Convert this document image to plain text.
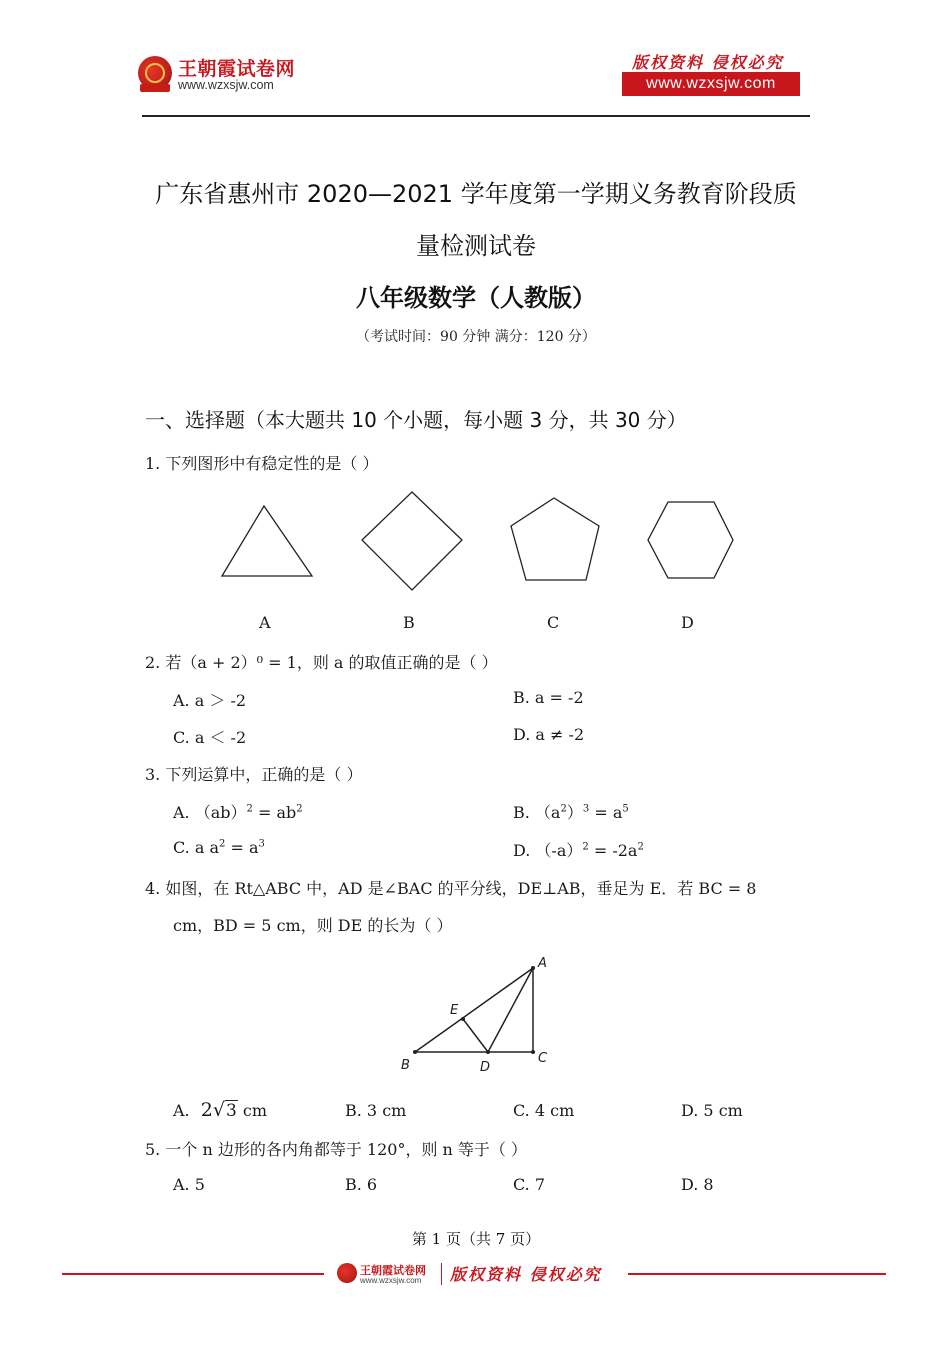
王朝霞试卷网
www.wzxsjw.com
版权资料 侵权必究
www.wzxsjw.com
广东省惠州市 2020—2021 学年度第一学期义务教育阶段质
量检测试卷
八年级数学（人教版）
（考试时间：90 分钟 满分：120 分）
一、选择题（本大题共 10 个小题，每小题 3 分，共 30 分）
1. 下列图形中有稳定性的是（ ）
A	B	C	D
2. 若（a + 2）⁰ = 1，则 a 的取值正确的是（ ）
A. a ＞ -2	B. a = -2
C. a ＜ -2	D. a ≠ -2
3. 下列运算中，正确的是（ ）
A. $(ab)^2 = ab^2$	B. $(a^2)^3 = a^5$
C. a $a^2 = a^3$	D. $(-a)^2 = -2a^2$
4. 如图，在 Rt△ABC 中，AD 是∠BAC 的平分线，DE⊥AB，垂足为 E．若 BC = 8
cm，BD = 5 cm，则 DE 的长为（ ）
A
E
B	D
C
A. 2√3 cm	B. 3 cm	C. 4 cm	D. 5 cm
5. 一个 n 边形的各内角都等于 120°，则 n 等于（ ）
A. 5	B. 6	C. 7	D. 8
第 1 页（共 7 页）
王朝霞试卷网
www.wzxsjw.com 版权资料 侵权必究
